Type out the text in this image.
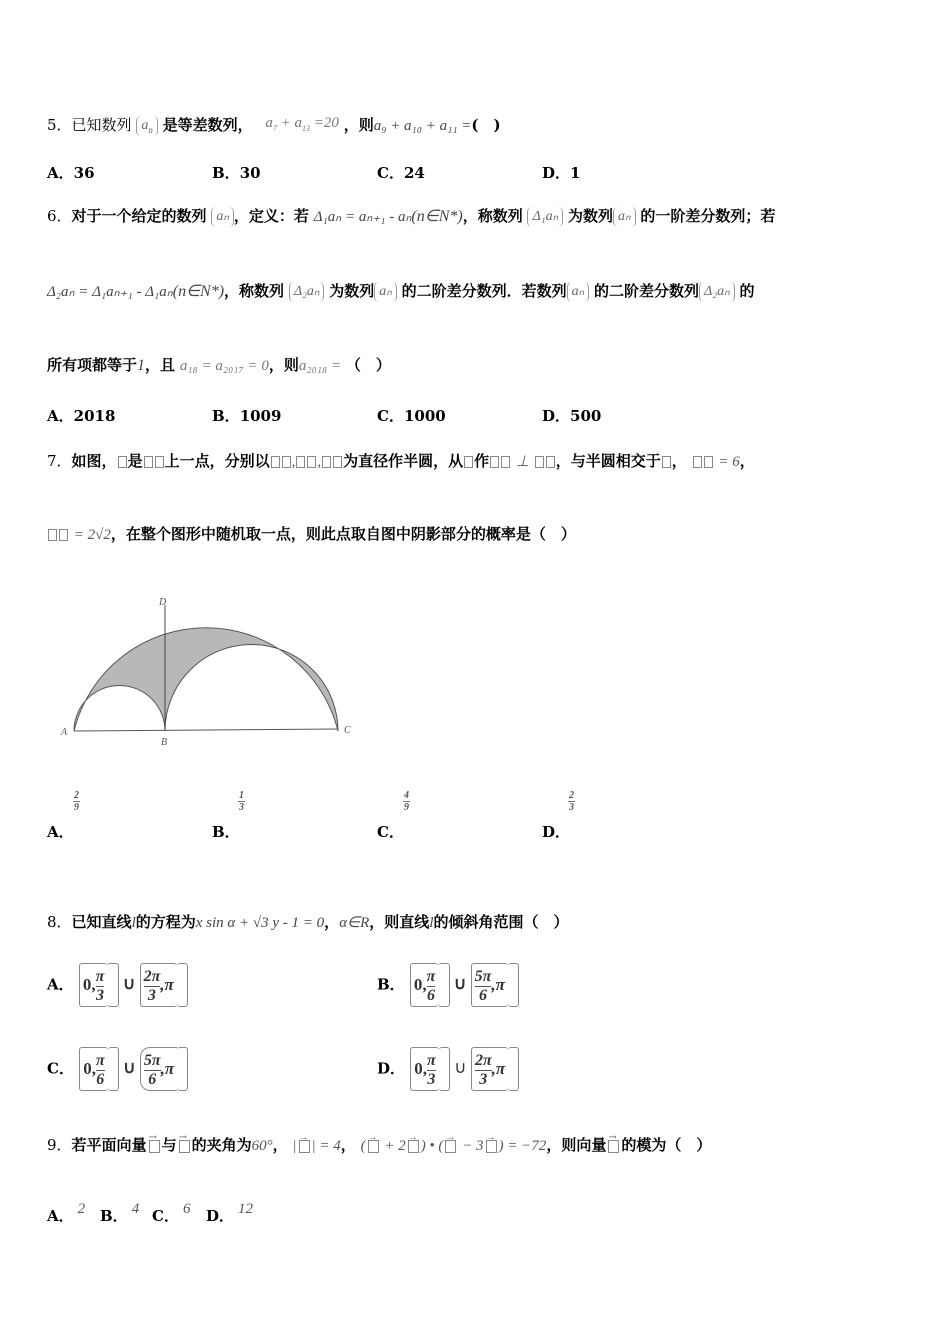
5．已知数列 $a_n$ 是等差数列， $a_7 + a_{13} =20$ ，则a₉ + a₁₀ + a₁₁ =(　)
A．36	B．30	C．24	D．1
6．对于一个给定的数列 aₙ ，定义：若 Δ₁aₙ = aₙ₊₁ - aₙ(n∈N*)，称数列 Δ₁aₙ 为数列 aₙ 的一阶差分数列；若
Δ₂aₙ = Δ₁aₙ₊₁ - Δ₁aₙ(n∈N*)，称数列 Δ₂aₙ 为数列 aₙ 的二阶差分数列．若数列 aₙ 的二阶差分数列 Δ₂aₙ 的
所有项都等于1，且 a₁₈ = a₂₀₁₇ = 0，则a₂₀₁₈ = （　）
A．2018	B．1009	C．1000	D．500
7．如图， 是 上一点，分别以 , , 为直径作半圆，从 作 ⊥ ，与半圆相交于 ， = 6，
= 2√2，在整个图形中随机取一点，则此点取自图中阴影部分的概率是（　）
A
B
C
D
$\frac{2}{9}$
A．
$\frac{1}{3}$
B．
$\frac{4}{9}$
C．
$\frac{2}{3}$
D．
8．已知直线l的方程为x sin α + √3 y - 1 = 0，α∈R，则直线l的倾斜角范围（　）
A． 0, $\frac{\pi}{3}$ ∪ $\frac{2\pi}{3} ,\pi$	B． 0, $\frac{\pi}{6}$ ∪ $\frac{5\pi}{6} ,\pi$
C． 0, $\frac{\pi}{6}$ ∪ $\frac{5\pi}{6} ,\pi$	D． 0, $\frac{\pi}{3}$ ∪ $\frac{2\pi}{3} ,\pi$
9．若平面向量 → 与 → 的夹角为60°， | → | = 4， ( → + 2 → ) • ( → − 3 → ) = −72，则向量 → 的模为（　）
A． 2 B． 4 C． 6 D． 12
